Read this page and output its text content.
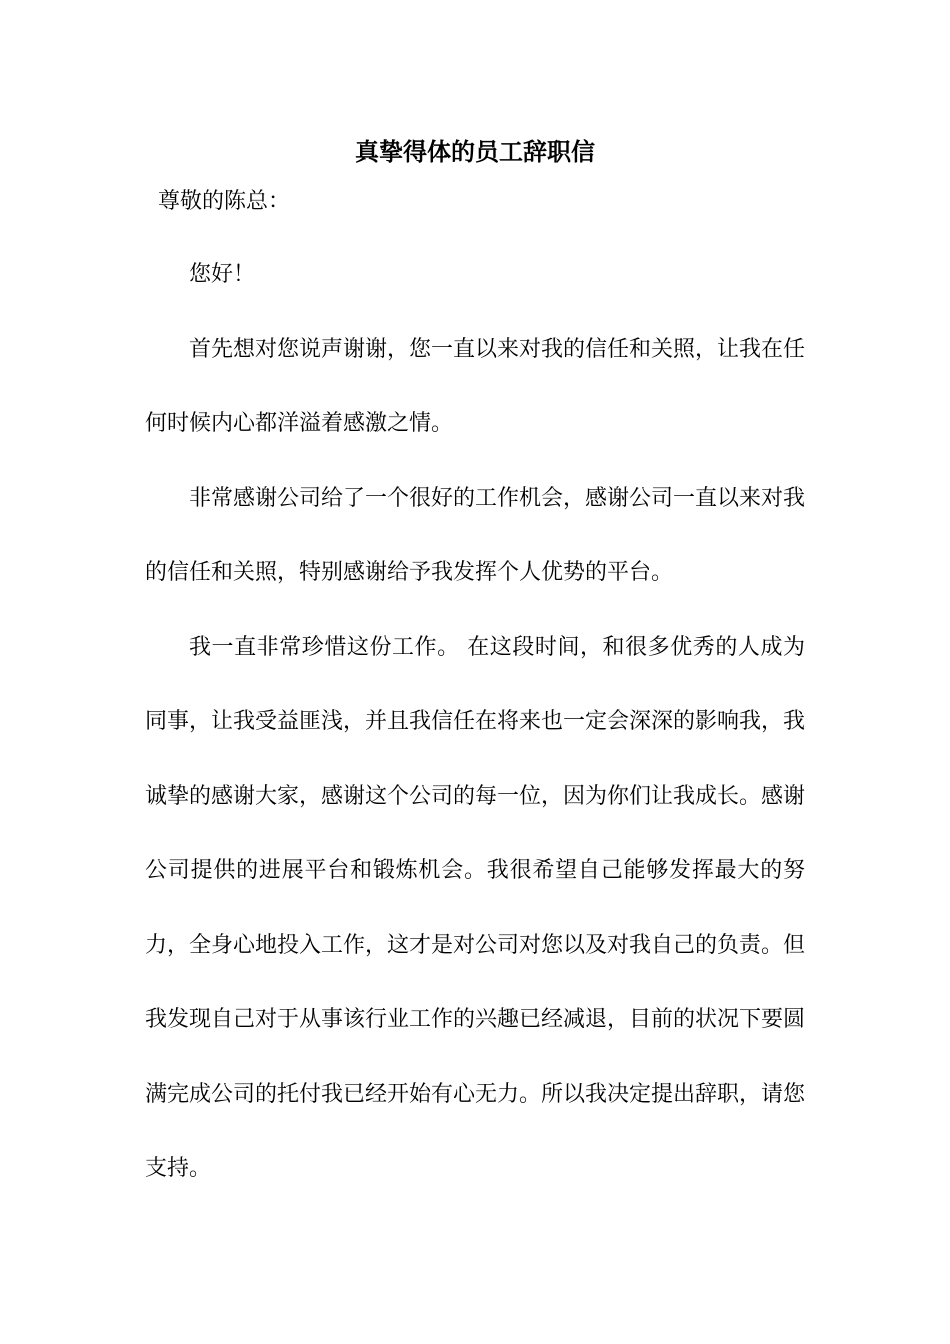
真挚得体的员工辞职信
尊敬的陈总：

您好！

首先想对您说声谢谢，您一直以来对我的信任和关照，让我在任何时候内心都洋溢着感激之情。

非常感谢公司给了一个很好的工作机会，感谢公司一直以来对我的信任和关照，特别感谢给予我发挥个人优势的平台。

我一直非常珍惜这份工作。 在这段时间，和很多优秀的人成为同事，让我受益匪浅，并且我信任在将来也一定会深深的影响我，我诚挚的感谢大家，感谢这个公司的每一位，因为你们让我成长。感谢公司提供的进展平台和锻炼机会。我很希望自己能够发挥最大的努力，全身心地投入工作，这才是对公司对您以及对我自己的负责。但我发现自己对于从事该行业工作的兴趣已经减退，目前的状况下要圆满完成公司的托付我已经开始有心无力。所以我决定提出辞职，请您支持。
